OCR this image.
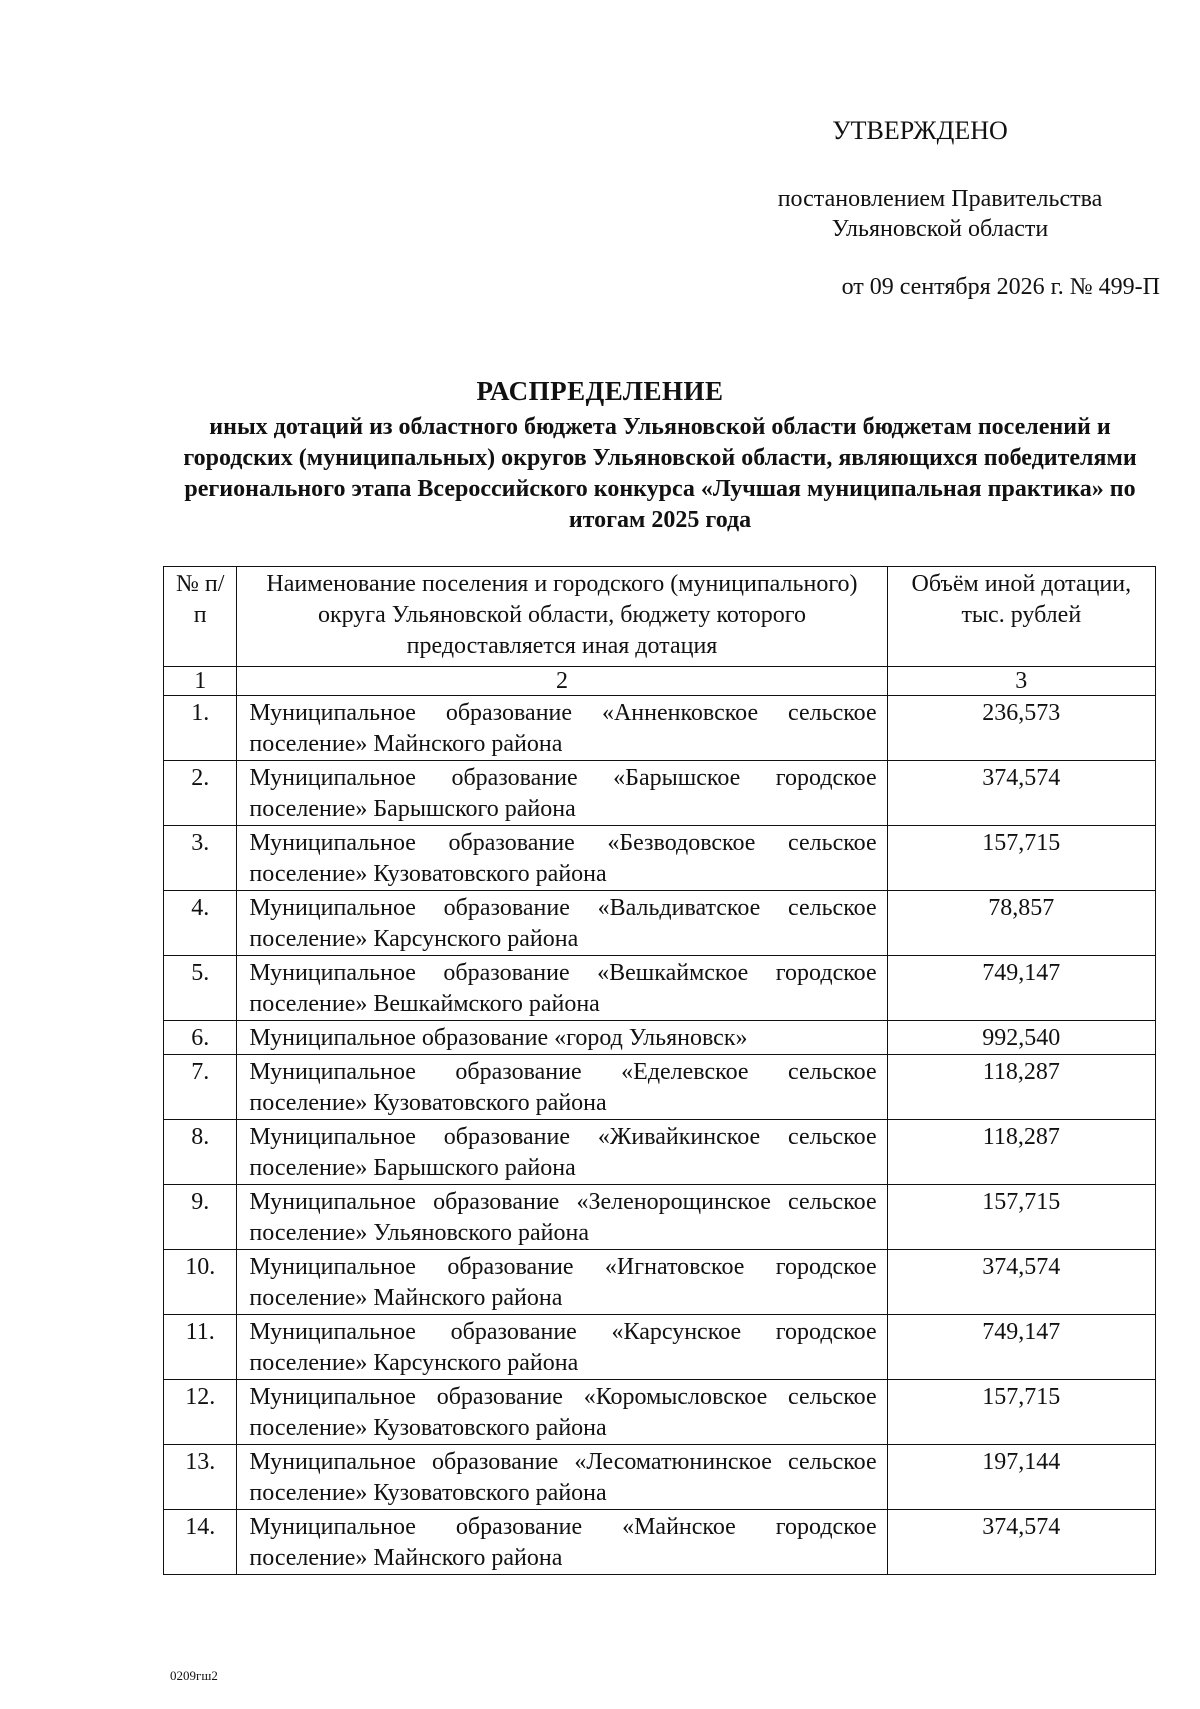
УТВЕРЖДЕНО
постановлением Правительства
Ульяновской области
от 09 сентября 2026 г. № 499-П
РАСПРЕДЕЛЕНИЕ
иных дотаций из областного бюджета Ульяновской области бюджетам поселений и городских (муниципальных) округов Ульяновской области, являющихся победителями регионального этапа Всероссийского конкурса «Лучшая муниципальная практика» по итогам 2025 года
№ п/п	Наименование поселения и городского (муниципального) округа Ульяновской области, бюджету которого предоставляется иная дотация	Объём иной дотации, тыс. рублей
1	2	3
1.	Муниципальное образование «Анненковское сельское поселение» Майнского района	236,573
2.	Муниципальное образование «Барышское городское поселение» Барышского района	374,574
3.	Муниципальное образование «Безводовское сельское поселение» Кузоватовского района	157,715
4.	Муниципальное образование «Вальдиватское сельское поселение» Карсунского района	78,857
5.	Муниципальное образование «Вешкаймское городское поселение» Вешкаймского района	749,147
6.	Муниципальное образование «город Ульяновск»	992,540
7.	Муниципальное образование «Еделевское сельское поселение» Кузоватовского района	118,287
8.	Муниципальное образование «Живайкинское сельское поселение» Барышского района	118,287
9.	Муниципальное образование «Зеленорощинское сельское поселение» Ульяновского района	157,715
10.	Муниципальное образование «Игнатовское городское поселение» Майнского района	374,574
11.	Муниципальное образование «Карсунское городское поселение» Карсунского района	749,147
12.	Муниципальное образование «Коромысловское сельское поселение» Кузоватовского района	157,715
13.	Муниципальное образование «Лесоматюнинское сельское поселение» Кузоватовского района	197,144
14.	Муниципальное образование «Майнское городское поселение» Майнского района	374,574
0209гш2
